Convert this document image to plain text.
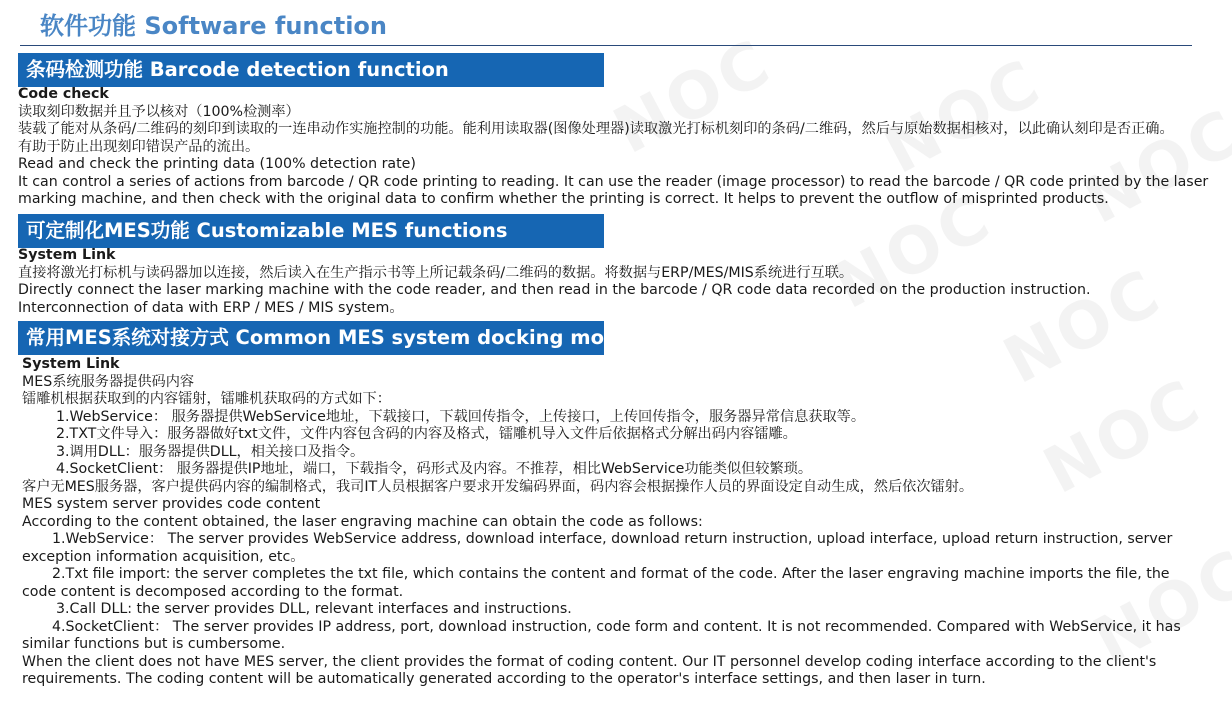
软件功能 Software function
条码检测功能 Barcode detection function

Code check

读取刻印数据并且予以核对（100%检测率）

装载了能对从条码/二维码的刻印到读取的一连串动作实施控制的功能。能利用读取器(图像处理器)读取激光打标机刻印的条码/二维码，然后与原始数据相核对，以此确认刻印是否正确。

有助于防止出现刻印错误产品的流出。

Read and check the printing data (100% detection rate)

It can control a series of actions from barcode / QR code printing to reading. It can use the reader (image processor) to read the barcode / QR code printed by the laser marking machine, and then check with the original data to confirm whether the printing is correct. It helps to prevent the outflow of misprinted products.

可定制化MES功能 Customizable MES functions

System Link

直接将激光打标机与读码器加以连接，然后读入在生产指示书等上所记载条码/二维码的数据。将数据与ERP/MES/MIS系统进行互联。

Directly connect the laser marking machine with the code reader, and then read in the barcode / QR code data recorded on the production instruction.

Interconnection of data with ERP / MES / MIS system。

常用MES系统对接方式 Common MES system docking mode

System Link

MES系统服务器提供码内容

镭雕机根据获取到的内容镭射，镭雕机获取码的方式如下：

1.WebService： 服务器提供WebService地址，下载接口，下载回传指令，上传接口，上传回传指令，服务器异常信息获取等。

2.TXT文件导入：服务器做好txt文件，文件内容包含码的内容及格式，镭雕机导入文件后依据格式分解出码内容镭雕。

3.调用DLL：服务器提供DLL，相关接口及指令。

4.SocketClient： 服务器提供IP地址，端口，下载指令，码形式及内容。不推荐，相比WebService功能类似但较繁琐。

客户无MES服务器，客户提供码内容的编制格式，我司IT人员根据客户要求开发编码界面，码内容会根据操作人员的界面设定自动生成，然后依次镭射。

MES system server provides code content

According to the content obtained, the laser engraving machine can obtain the code as follows:

1.WebService： The server provides WebService address, download interface, download return instruction, upload interface, upload return instruction, server exception information acquisition, etc。

2.Txt file import: the server completes the txt file, which contains the content and format of the code. After the laser engraving machine imports the file, the code content is decomposed according to the format.

3.Call DLL: the server provides DLL, relevant interfaces and instructions.

4.SocketClient： The server provides IP address, port, download instruction, code form and content. It is not recommended. Compared with WebService, it has similar functions but is cumbersome.

When the client does not have MES server, the client provides the format of coding content. Our IT personnel develop coding interface according to the client's requirements. The coding content will be automatically generated according to the operator's interface settings, and then laser in turn.
